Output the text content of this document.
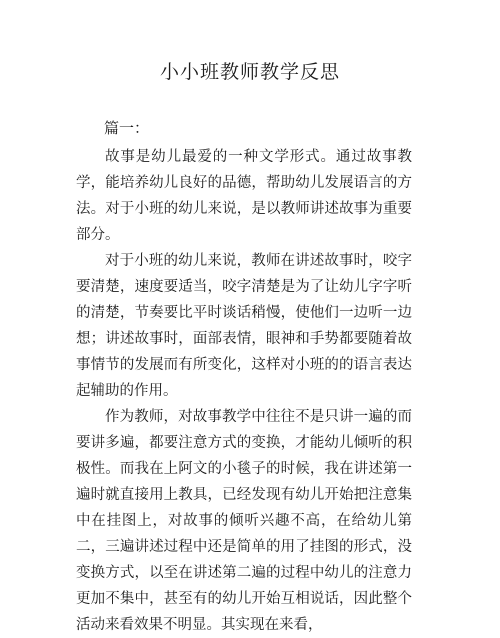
小小班教师教学反思

篇一：

故事是幼儿最爱的一种文学形式。通过故事教学，能培养幼儿良好的品德，帮助幼儿发展语言的方法。对于小班的幼儿来说，是以教师讲述故事为重要部分。

对于小班的幼儿来说，教师在讲述故事时，咬字要清楚，速度要适当，咬字清楚是为了让幼儿字字听的清楚，节奏要比平时谈话稍慢，使他们一边听一边想；讲述故事时，面部表情，眼神和手势都要随着故事情节的发展而有所变化，这样对小班的的语言表达起辅助的作用。

作为教师，对故事教学中往往不是只讲一遍的而要讲多遍，都要注意方式的变换，才能幼儿倾听的积极性。而我在上阿文的小毯子的时候，我在讲述第一遍时就直接用上教具，已经发现有幼儿开始把注意集中在挂图上，对故事的倾听兴趣不高，在给幼儿第二，三遍讲述过程中还是简单的用了挂图的形式，没变换方式，以至在讲述第二遍的过程中幼儿的注意力更加不集中，甚至有的幼儿开始互相说话，因此整个活动来看效果不明显。其实现在来看，
